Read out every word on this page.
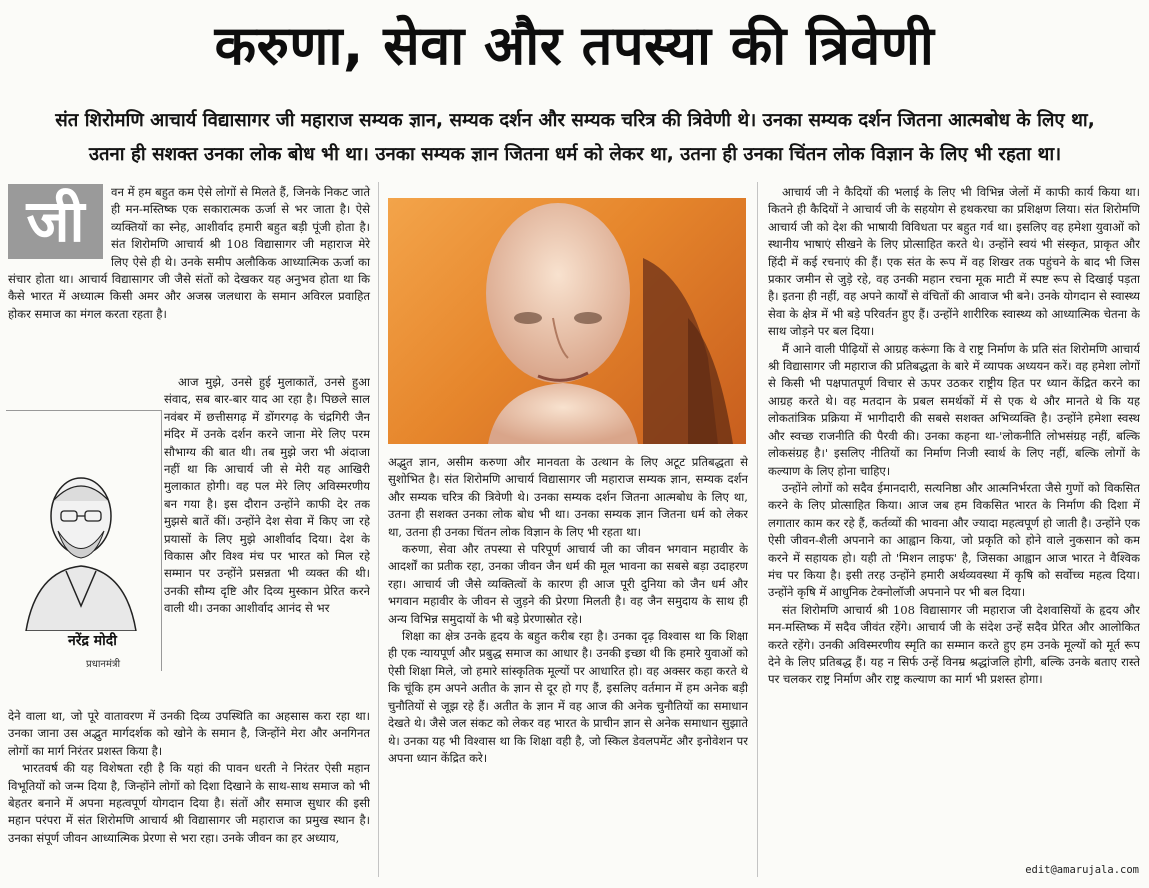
करुणा, सेवा और तपस्या की त्रिवेणी
संत शिरोमणि आचार्य विद्यासागर जी महाराज सम्यक ज्ञान, सम्यक दर्शन और सम्यक चरित्र की त्रिवेणी थे। उनका सम्यक दर्शन जितना आत्मबोध के लिए था,
उतना ही सशक्त उनका लोक बोध भी था। उनका सम्यक ज्ञान जितना धर्म को लेकर था, उतना ही उनका चिंतन लोक विज्ञान के लिए भी रहता था।
जी	वन में हम बहुत कम ऐसे लोगों से मिलते हैं, जिनके निकट जाते ही मन-मस्तिष्क एक सकारात्मक ऊर्जा से भर जाता है। ऐसे व्यक्तियों का स्नेह, आशीर्वाद हमारी बहुत बड़ी पूंजी होता है। संत शिरोमणि आचार्य श्री 108 विद्यासागर जी महाराज मेरे लिए ऐसे ही थे। उनके समीप अलौकिक आध्यात्मिक ऊर्जा का संचार होता था। आचार्य विद्यासागर जी जैसे संतों को देखकर यह अनुभव होता था कि कैसे भारत में अध्यात्म किसी अमर और अजस्र जलधारा के समान अविरल प्रवाहित होकर समाज का मंगल करता रहता है।

आज मुझे, उनसे हुई मुलाकातें, उनसे हुआ संवाद, सब बार-बार याद आ रहा है। पिछले साल नवंबर में छत्तीसगढ़ में डोंगरगढ़ के चंद्रगिरी जैन मंदिर में उनके दर्शन करने जाना मेरे लिए परम सौभाग्य की बात थी। तब मुझे जरा भी अंदाजा नहीं था कि आचार्य जी से मेरी यह आखिरी मुलाकात होगी। वह पल मेरे लिए अविस्मरणीय बन गया है। इस दौरान उन्होंने काफी देर तक मुझसे बातें कीं। उन्होंने देश सेवा में किए जा रहे प्रयासों के लिए मुझे आशीर्वाद दिया। देश के विकास और विश्व मंच पर भारत को मिल रहे सम्मान पर उन्होंने प्रसन्नता भी व्यक्त की थी। उनकी सौम्य दृष्टि और दिव्य मुस्कान प्रेरित करने वाली थी। उनका आशीर्वाद आनंद से भर

नरेंद्र मोदी
प्रधानमंत्री

देने वाला था, जो पूरे वातावरण में उनकी दिव्य उपस्थिति का अहसास करा रहा था। उनका जाना उस अद्भुत मार्गदर्शक को खोने के समान है, जिन्होंने मेरा और अनगिनत लोगों का मार्ग निरंतर प्रशस्त किया है।

भारतवर्ष की यह विशेषता रही है कि यहां की पावन धरती ने निरंतर ऐसी महान विभूतियों को जन्म दिया है, जिन्होंने लोगों को दिशा दिखाने के साथ-साथ समाज को भी बेहतर बनाने में अपना महत्वपूर्ण योगदान दिया है। संतों और समाज सुधार की इसी महान परंपरा में संत शिरोमणि आचार्य श्री विद्यासागर जी महाराज का प्रमुख स्थान है। उनका संपूर्ण जीवन आध्यात्मिक प्रेरणा से भरा रहा। उनके जीवन का हर अध्याय,

अद्भुत ज्ञान, असीम करुणा और मानवता के उत्थान के लिए अटूट प्रतिबद्धता से सुशोभित है। संत शिरोमणि आचार्य विद्यासागर जी महाराज सम्यक ज्ञान, सम्यक दर्शन और सम्यक चरित्र की त्रिवेणी थे। उनका सम्यक दर्शन जितना आत्मबोध के लिए था, उतना ही सशक्त उनका लोक बोध भी था। उनका सम्यक ज्ञान जितना धर्म को लेकर था, उतना ही उनका चिंतन लोक विज्ञान के लिए भी रहता था।

करुणा, सेवा और तपस्या से परिपूर्ण आचार्य जी का जीवन भगवान महावीर के आदर्शों का प्रतीक रहा, उनका जीवन जैन धर्म की मूल भावना का सबसे बड़ा उदाहरण रहा। आचार्य जी जैसे व्यक्तित्वों के कारण ही आज पूरी दुनिया को जैन धर्म और भगवान महावीर के जीवन से जुड़ने की प्रेरणा मिलती है। वह जैन समुदाय के साथ ही अन्य विभिन्न समुदायों के भी बड़े प्रेरणास्रोत रहे।

शिक्षा का क्षेत्र उनके हृदय के बहुत करीब रहा है। उनका दृढ़ विश्वास था कि शिक्षा ही एक न्यायपूर्ण और प्रबुद्ध समाज का आधार है। उनकी इच्छा थी कि हमारे युवाओं को ऐसी शिक्षा मिले, जो हमारे सांस्कृतिक मूल्यों पर आधारित हो। वह अक्सर कहा करते थे कि चूंकि हम अपने अतीत के ज्ञान से दूर हो गए हैं, इसलिए वर्तमान में हम अनेक बड़ी चुनौतियों से जूझ रहे हैं। अतीत के ज्ञान में वह आज की अनेक चुनौतियों का समाधान देखते थे। जैसे जल संकट को लेकर वह भारत के प्राचीन ज्ञान से अनेक समाधान सुझाते थे। उनका यह भी विश्वास था कि शिक्षा वही है, जो स्किल डेवलपमेंट और इनोवेशन पर अपना ध्यान केंद्रित करे।

आचार्य जी ने कैदियों की भलाई के लिए भी विभिन्न जेलों में काफी कार्य किया था। कितने ही कैदियों ने आचार्य जी के सहयोग से हथकरघा का प्रशिक्षण लिया। संत शिरोमणि आचार्य जी को देश की भाषायी विविधता पर बहुत गर्व था। इसलिए वह हमेशा युवाओं को स्थानीय भाषाएं सीखने के लिए प्रोत्साहित करते थे। उन्होंने स्वयं भी संस्कृत, प्राकृत और हिंदी में कई रचनाएं की हैं। एक संत के रूप में वह शिखर तक पहुंचने के बाद भी जिस प्रकार जमीन से जुड़े रहे, वह उनकी महान रचना मूक माटी में स्पष्ट रूप से दिखाई पड़ता है। इतना ही नहीं, वह अपने कार्यों से वंचितों की आवाज भी बने। उनके योगदान से स्वास्थ्य सेवा के क्षेत्र में भी बड़े परिवर्तन हुए हैं। उन्होंने शारीरिक स्वास्थ्य को आध्यात्मिक चेतना के साथ जोड़ने पर बल दिया।

मैं आने वाली पीढ़ियों से आग्रह करूंगा कि वे राष्ट्र निर्माण के प्रति संत शिरोमणि आचार्य श्री विद्यासागर जी महाराज की प्रतिबद्धता के बारे में व्यापक अध्ययन करें। वह हमेशा लोगों से किसी भी पक्षपातपूर्ण विचार से ऊपर उठकर राष्ट्रीय हित पर ध्यान केंद्रित करने का आग्रह करते थे। वह मतदान के प्रबल समर्थकों में से एक थे और मानते थे कि यह लोकतांत्रिक प्रक्रिया में भागीदारी की सबसे सशक्त अभिव्यक्ति है। उन्होंने हमेशा स्वस्थ और स्वच्छ राजनीति की पैरवी की। उनका कहना था-'लोकनीति लोभसंग्रह नहीं, बल्कि लोकसंग्रह है।' इसलिए नीतियों का निर्माण निजी स्वार्थ के लिए नहीं, बल्कि लोगों के कल्याण के लिए होना चाहिए।

उन्होंने लोगों को सदैव ईमानदारी, सत्यनिष्ठा और आत्मनिर्भरता जैसे गुणों को विकसित करने के लिए प्रोत्साहित किया। आज जब हम विकसित भारत के निर्माण की दिशा में लगातार काम कर रहे हैं, कर्तव्यों की भावना और ज्यादा महत्वपूर्ण हो जाती है। उन्होंने एक ऐसी जीवन-शैली अपनाने का आह्वान किया, जो प्रकृति को होने वाले नुकसान को कम करने में सहायक हो। यही तो 'मिशन लाइफ' है, जिसका आह्वान आज भारत ने वैश्विक मंच पर किया है। इसी तरह उन्होंने हमारी अर्थव्यवस्था में कृषि को सर्वोच्च महत्व दिया। उन्होंने कृषि में आधुनिक टेक्नोलॉजी अपनाने पर भी बल दिया।

संत शिरोमणि आचार्य श्री 108 विद्यासागर जी महाराज जी देशवासियों के हृदय और मन-मस्तिष्क में सदैव जीवंत रहेंगे। आचार्य जी के संदेश उन्हें सदैव प्रेरित और आलोकित करते रहेंगे। उनकी अविस्मरणीय स्मृति का सम्मान करते हुए हम उनके मूल्यों को मूर्त रूप देने के लिए प्रतिबद्ध हैं। यह न सिर्फ उन्हें विनम्र श्रद्धांजलि होगी, बल्कि उनके बताए रास्ते पर चलकर राष्ट्र निर्माण और राष्ट्र कल्याण का मार्ग भी प्रशस्त होगा।

edit@amarujala.com
